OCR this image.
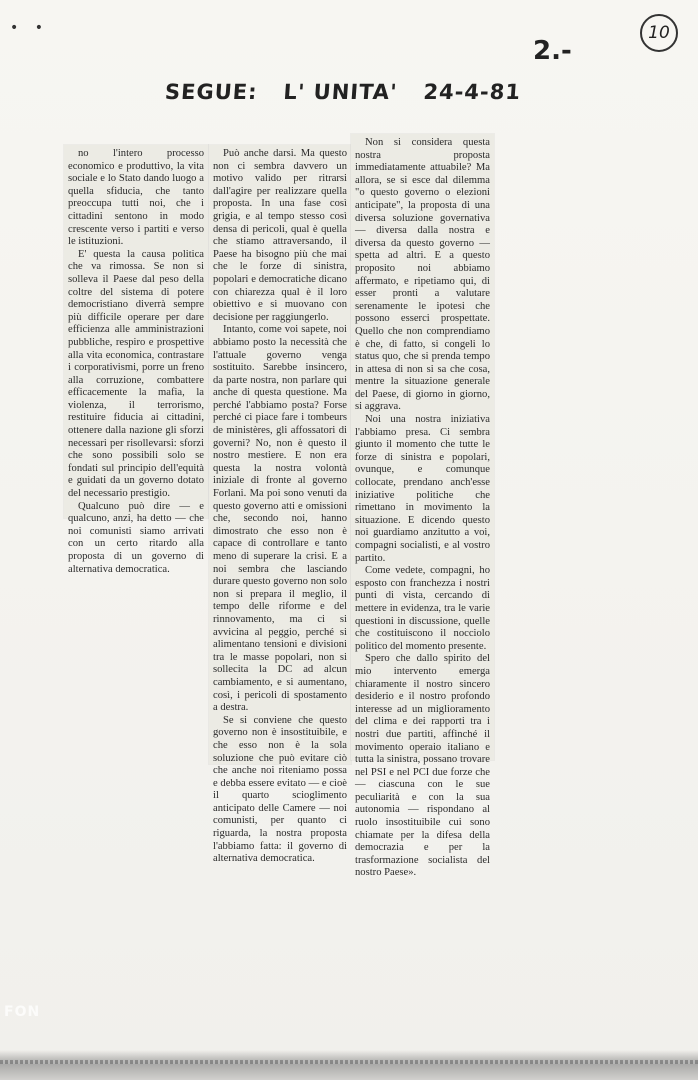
• •
2.-
10
SEGUE: L' UNITA' 24-4-81

no l'intero processo economico e produttivo, la vita sociale e lo Stato dando luogo a quella sfiducia, che tanto preoccupa tutti noi, che i cittadini sentono in modo crescente verso i partiti e verso le istituzioni.

E' questa la causa politica che va rimossa. Se non si solleva il Paese dal peso della coltre del sistema di potere democristiano diverrà sempre più difficile operare per dare efficienza alle amministrazioni pubbliche, respiro e prospettive alla vita economica, contrastare i corporativismi, porre un freno alla corruzione, combattere efficacemente la mafia, la violenza, il terrorismo, restituire fiducia ai cittadini, ottenere dalla nazione gli sforzi necessari per risollevarsi: sforzi che sono possibili solo se fondati sul principio dell'equità e guidati da un governo dotato del necessario prestigio.

Qualcuno può dire — e qualcuno, anzi, ha detto — che noi comunisti siamo arrivati con un certo ritardo alla proposta di un governo di alternativa democratica.

Può anche darsi. Ma questo non ci sembra davvero un motivo valido per ritrarsi dall'agire per realizzare quella proposta. In una fase così grigia, e al tempo stesso così densa di pericoli, qual è quella che stiamo attraversando, il Paese ha bisogno più che mai che le forze di sinistra, popolari e democratiche dicano con chiarezza qual è il loro obiettivo e si muovano con decisione per raggiungerlo.

Intanto, come voi sapete, noi abbiamo posto la necessità che l'attuale governo venga sostituito. Sarebbe insincero, da parte nostra, non parlare qui anche di questa questione. Ma perché l'abbiamo posta? Forse perché ci piace fare i tombeurs de ministères, gli affossatori di governi? No, non è questo il nostro mestiere. E non era questa la nostra volontà iniziale di fronte al governo Forlani. Ma poi sono venuti da questo governo atti e omissioni che, secondo noi, hanno dimostrato che esso non è capace di controllare e tanto meno di superare la crisi. E a noi sembra che lasciando durare questo governo non solo non si prepara il meglio, il tempo delle riforme e del rinnovamento, ma ci si avvicina al peggio, perché si alimentano tensioni e divisioni tra le masse popolari, non si sollecita la DC ad alcun cambiamento, e si aumentano, così, i pericoli di spostamento a destra.

Se si conviene che questo governo non è insostituibile, e che esso non è la sola soluzione che può evitare ciò che anche noi riteniamo possa e debba essere evitato — e cioè il quarto scioglimento anticipato delle Camere — noi comunisti, per quanto ci riguarda, la nostra proposta l'abbiamo fatta: il governo di alternativa democratica.

Non si considera questa nostra proposta immediatamente attuabile? Ma allora, se si esce dal dilemma "o questo governo o elezioni anticipate", la proposta di una diversa soluzione governativa — diversa dalla nostra e diversa da questo governo — spetta ad altri. E a questo proposito noi abbiamo affermato, e ripetiamo qui, di esser pronti a valutare serenamente le ipotesi che possono esserci prospettate. Quello che non comprendiamo è che, di fatto, si congeli lo status quo, che si prenda tempo in attesa di non si sa che cosa, mentre la situazione generale del Paese, di giorno in giorno, si aggrava.

Noi una nostra iniziativa l'abbiamo presa. Ci sembra giunto il momento che tutte le forze di sinistra e popolari, ovunque, e comunque collocate, prendano anch'esse iniziative politiche che rimettano in movimento la situazione. E dicendo questo noi guardiamo anzitutto a voi, compagni socialisti, e al vostro partito.

Come vedete, compagni, ho esposto con franchezza i nostri punti di vista, cercando di mettere in evidenza, tra le varie questioni in discussione, quelle che costituiscono il nocciolo politico del momento presente.

Spero che dallo spirito del mio intervento emerga chiaramente il nostro sincero desiderio e il nostro profondo interesse ad un miglioramento del clima e dei rapporti tra i nostri due partiti, affinché il movimento operaio italiano e tutta la sinistra, possano trovare nel PSI e nel PCI due forze che — ciascuna con le sue peculiarità e con la sua autonomia — rispondano al ruolo insostituibile cui sono chiamate per la difesa della democrazia e per la trasformazione socialista del nostro Paese».

FON
